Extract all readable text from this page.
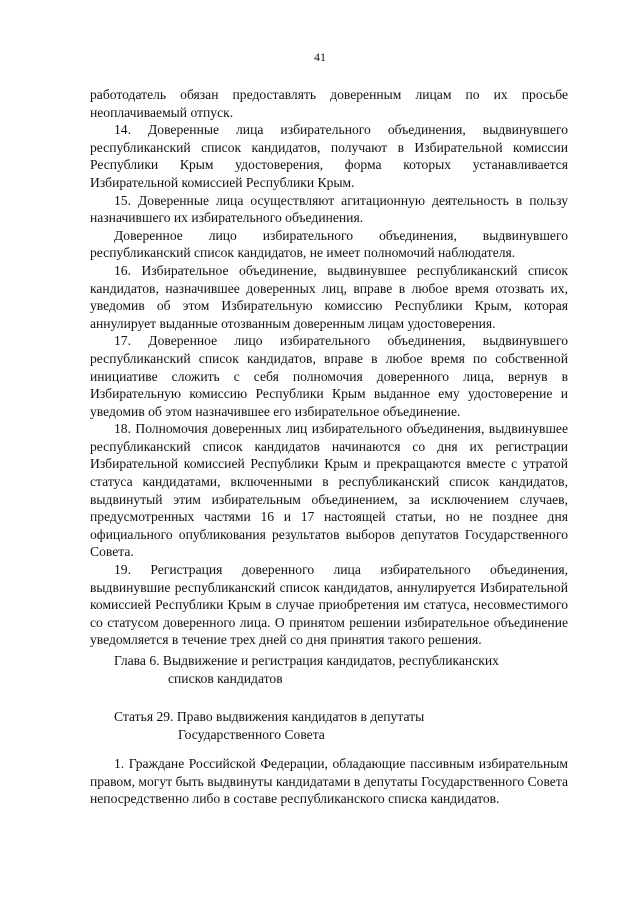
41

работодатель обязан предоставлять доверенным лицам по их просьбе неоплачиваемый отпуск.

14. Доверенные лица избирательного объединения, выдвинувшего республиканский список кандидатов, получают в Избирательной комиссии Республики Крым удостоверения, форма которых устанавливается Избирательной комиссией Республики Крым.

15. Доверенные лица осуществляют агитационную деятельность в пользу назначившего их избирательного объединения.

Доверенное лицо избирательного объединения, выдвинувшего республиканский список кандидатов, не имеет полномочий наблюдателя.

16. Избирательное объединение, выдвинувшее республиканский список кандидатов, назначившее доверенных лиц, вправе в любое время отозвать их, уведомив об этом Избирательную комиссию Республики Крым, которая аннулирует выданные отозванным доверенным лицам удостоверения.

17. Доверенное лицо избирательного объединения, выдвинувшего республиканский список кандидатов, вправе в любое время по собственной инициативе сложить с себя полномочия доверенного лица, вернув в Избирательную комиссию Республики Крым выданное ему удостоверение и уведомив об этом назначившее его избирательное объединение.

18. Полномочия доверенных лиц избирательного объединения, выдвинувшее республиканский список кандидатов начинаются со дня их регистрации Избирательной комиссией Республики Крым и прекращаются вместе с утратой статуса кандидатами, включенными в республиканский список кандидатов, выдвинутый этим избирательным объединением, за исключением случаев, предусмотренных частями 16 и 17 настоящей статьи, но не позднее дня официального опубликования результатов выборов депутатов Государственного Совета.

19. Регистрация доверенного лица избирательного объединения, выдвинувшие республиканский список кандидатов, аннулируется Избирательной комиссией Республики Крым в случае приобретения им статуса, несовместимого со статусом доверенного лица. О принятом решении избирательное объединение уведомляется в течение трех дней со дня принятия такого решения.

Глава 6. Выдвижение и регистрация кандидатов, республиканских
списков кандидатов
Статья 29. Право выдвижения кандидатов в депутаты
Государственного Совета

1. Граждане Российской Федерации, обладающие пассивным избирательным правом, могут быть выдвинуты кандидатами в депутаты Государственного Совета непосредственно либо в составе республиканского списка кандидатов.
